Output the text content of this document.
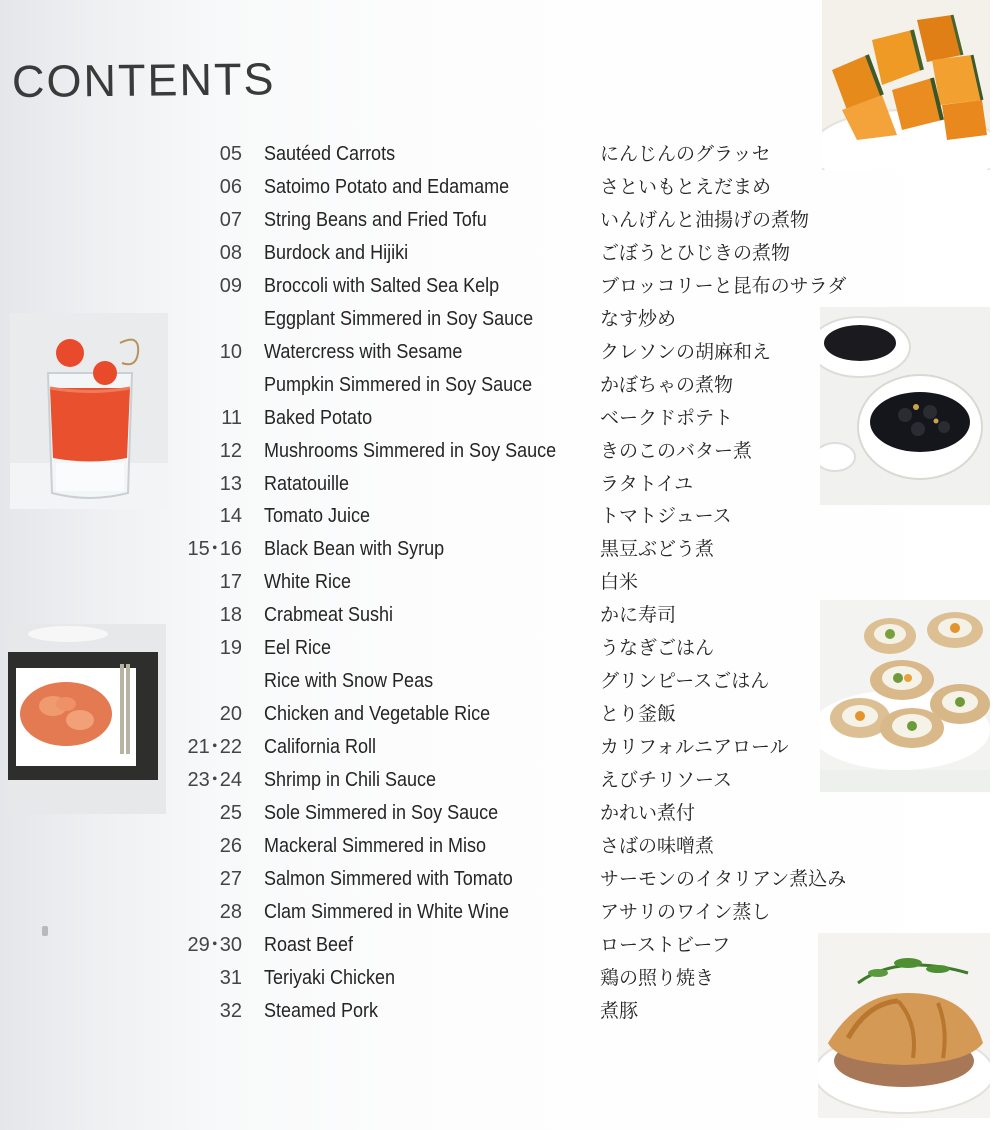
CONTENTS
05 Sautéed Carrots	にんじんのグラッセ
06 Satoimo Potato and Edamame	さといもとえだまめ
07 String Beans and Fried Tofu	いんげんと油揚げの煮物
08 Burdock and Hijiki	ごぼうとひじきの煮物
09 Broccoli with Salted Sea Kelp	ブロッコリーと昆布のサラダ
Eggplant Simmered in Soy Sauce	なす炒め
10 Watercress with Sesame	クレソンの胡麻和え
Pumpkin Simmered in Soy Sauce	かぼちゃの煮物
11 Baked Potato	ベークドポテト
12 Mushrooms Simmered in Soy Sauce きのこのバター煮
13 Ratatouille	ラタトイユ
14 Tomato Juice	トマトジュース
15･16 Black Bean with Syrup	黒豆ぶどう煮
17 White Rice	白米
18 Crabmeat Sushi	かに寿司
19 Eel Rice	うなぎごはん
Rice with Snow Peas	グリンピースごはん
20 Chicken and Vegetable Rice	とり釜飯
21･22 California Roll	カリフォルニアロール
23･24 Shrimp in Chili Sauce	えびチリソース
25 Sole Simmered in Soy Sauce	かれい煮付
26 Mackeral Simmered in Miso	さばの味噌煮
27 Salmon Simmered with Tomato	サーモンのイタリアン煮込み
28 Clam Simmered in White Wine	アサリのワイン蒸し
29･30 Roast Beef	ローストビーフ
31 Teriyaki Chicken	鶏の照り焼き
32 Steamed Pork	煮豚
